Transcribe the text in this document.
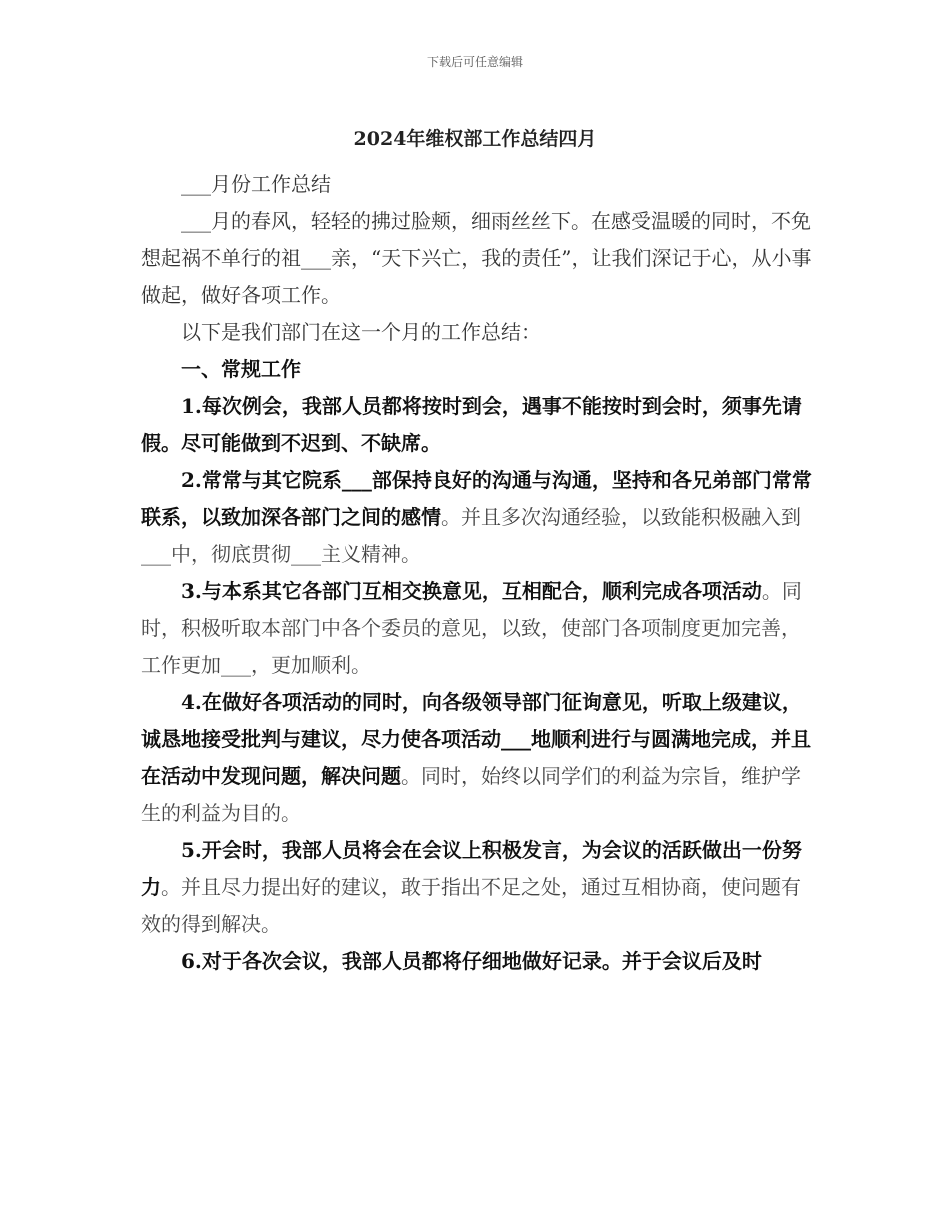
下载后可任意编辑
2024年维权部工作总结四月

___月份工作总结

___月的春风，轻轻的拂过脸颊，细雨丝丝下。在感受温暖的同时，不免想起祸不单行的祖___亲，“天下兴亡，我的责任”，让我们深记于心，从小事做起，做好各项工作。

以下是我们部门在这一个月的工作总结：

一、常规工作

1.每次例会，我部人员都将按时到会，遇事不能按时到会时，须事先请假。尽可能做到不迟到、不缺席。

2.常常与其它院系___部保持良好的沟通与沟通，坚持和各兄弟部门常常联系，以致加深各部门之间的感情。并且多次沟通经验，以致能积极融入到___中，彻底贯彻___主义精神。

3.与本系其它各部门互相交换意见，互相配合，顺利完成各项活动。同时，积极听取本部门中各个委员的意见，以致，使部门各项制度更加完善，工作更加___，更加顺利。

4.在做好各项活动的同时，向各级领导部门征询意见，听取上级建议，诚恳地接受批判与建议，尽力使各项活动___地顺利进行与圆满地完成，并且在活动中发现问题，解决问题。同时，始终以同学们的利益为宗旨，维护学生的利益为目的。

5.开会时，我部人员将会在会议上积极发言，为会议的活跃做出一份努力。并且尽力提出好的建议，敢于指出不足之处，通过互相协商，使问题有效的得到解决。

6.对于各次会议，我部人员都将仔细地做好记录。并于会议后及时
